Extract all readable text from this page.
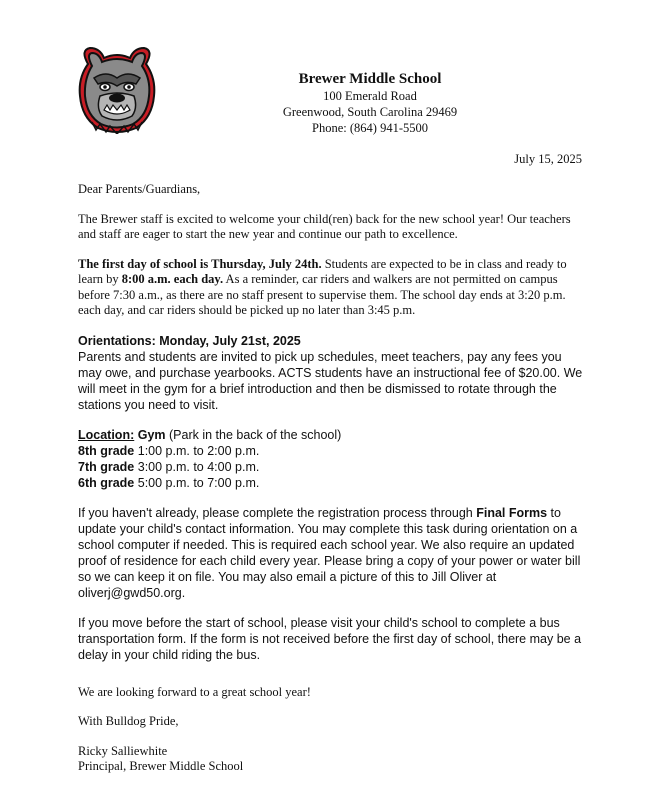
Brewer Middle School
100 Emerald Road
Greenwood, South Carolina 29469
Phone: (864) 941-5500
July 15, 2025

Dear Parents/Guardians,

The Brewer staff is excited to welcome your child(ren) back for the new school year! Our teachers and staff are eager to start the new year and continue our path to excellence.

The first day of school is Thursday, July 24th. Students are expected to be in class and ready to learn by 8:00 a.m. each day. As a reminder, car riders and walkers are not permitted on campus before 7:30 a.m., as there are no staff present to supervise them. The school day ends at 3:20 p.m. each day, and car riders should be picked up no later than 3:45 p.m.

Orientations: Monday, July 21st, 2025
Parents and students are invited to pick up schedules, meet teachers, pay any fees you may owe, and purchase yearbooks. ACTS students have an instructional fee of $20.00. We will meet in the gym for a brief introduction and then be dismissed to rotate through the stations you need to visit.

Location: Gym (Park in the back of the school)
8th grade 1:00 p.m. to 2:00 p.m.
7th grade 3:00 p.m. to 4:00 p.m.
6th grade 5:00 p.m. to 7:00 p.m.

If you haven't already, please complete the registration process through Final Forms to update your child's contact information. You may complete this task during orientation on a school computer if needed. This is required each school year. We also require an updated proof of residence for each child every year. Please bring a copy of your power or water bill so we can keep it on file. You may also email a picture of this to Jill Oliver at oliverj@gwd50.org.

If you move before the start of school, please visit your child's school to complete a bus transportation form. If the form is not received before the first day of school, there may be a delay in your child riding the bus.

We are looking forward to a great school year!

With Bulldog Pride,

Ricky Salliewhite
Principal, Brewer Middle School
